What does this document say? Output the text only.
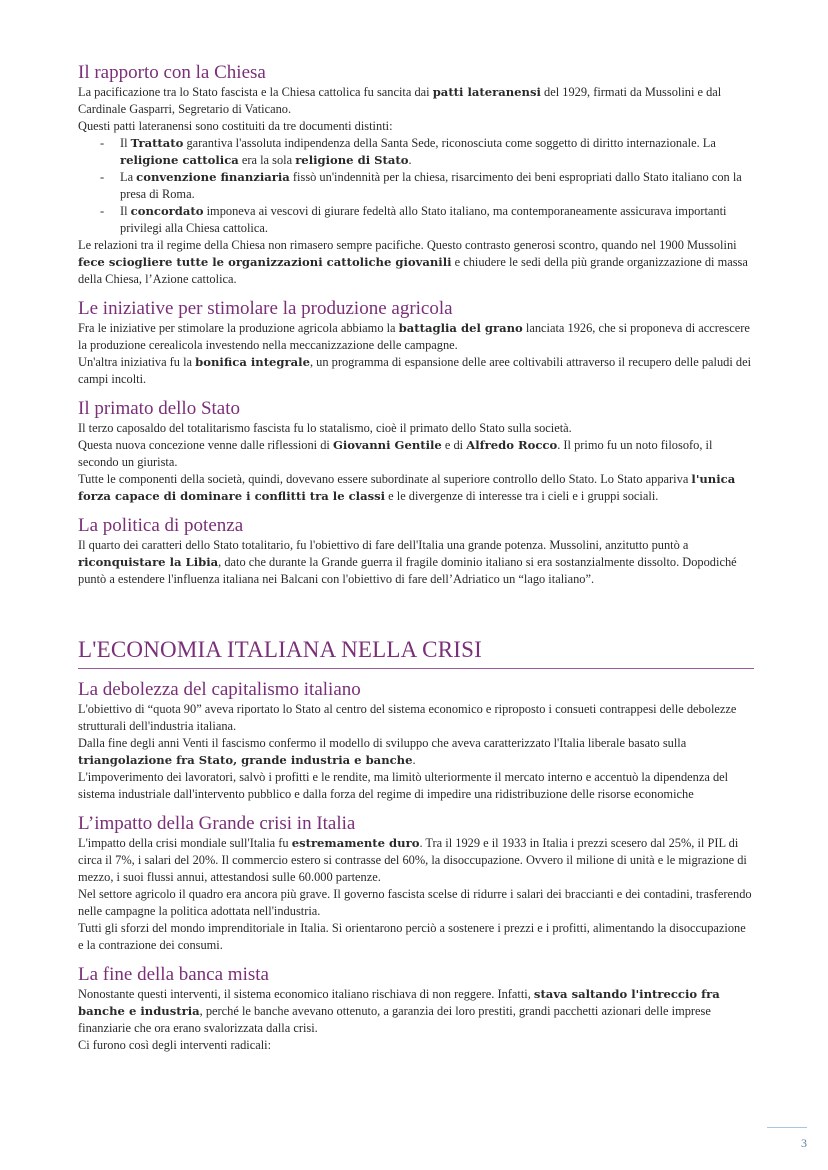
Il rapporto con la Chiesa

La pacificazione tra lo Stato fascista e la Chiesa cattolica fu sancita dai patti lateranensi del 1929, firmati da Mussolini e dal Cardinale Gasparri, Segretario di Vaticano.

Questi patti lateranensi sono costituiti da tre documenti distinti:

- Il Trattato garantiva l'assoluta indipendenza della Santa Sede, riconosciuta come soggetto di diritto internazionale. La religione cattolica era la sola religione di Stato.
- La convenzione finanziaria fissò un'indennità per la chiesa, risarcimento dei beni espropriati dallo Stato italiano con la presa di Roma.
- Il concordato imponeva ai vescovi di giurare fedeltà allo Stato italiano, ma contemporaneamente assicurava importanti privilegi alla Chiesa cattolica.

Le relazioni tra il regime della Chiesa non rimasero sempre pacifiche. Questo contrasto generosi scontro, quando nel 1900 Mussolini fece sciogliere tutte le organizzazioni cattoliche giovanili e chiudere le sedi della più grande organizzazione di massa della Chiesa, l’Azione cattolica.

Le iniziative per stimolare la produzione agricola

Fra le iniziative per stimolare la produzione agricola abbiamo la battaglia del grano lanciata 1926, che si proponeva di accrescere la produzione cerealicola investendo nella meccanizzazione delle campagne.

Un'altra iniziativa fu la bonifica integrale, un programma di espansione delle aree coltivabili attraverso il recupero delle paludi dei campi incolti.

Il primato dello Stato

Il terzo caposaldo del totalitarismo fascista fu lo statalismo, cioè il primato dello Stato sulla società.

Questa nuova concezione venne dalle riflessioni di Giovanni Gentile e di Alfredo Rocco. Il primo fu un noto filosofo, il secondo un giurista.

Tutte le componenti della società, quindi, dovevano essere subordinate al superiore controllo dello Stato. Lo Stato appariva l'unica forza capace di dominare i conflitti tra le classi e le divergenze di interesse tra i cieli e i gruppi sociali.

La politica di potenza

Il quarto dei caratteri dello Stato totalitario, fu l'obiettivo di fare dell'Italia una grande potenza. Mussolini, anzitutto puntò a riconquistare la Libia, dato che durante la Grande guerra il fragile dominio italiano si era sostanzialmente dissolto. Dopodiché puntò a estendere l'influenza italiana nei Balcani con l'obiettivo di fare dell’Adriatico un “lago italiano”.

L'ECONOMIA ITALIANA NELLA CRISI
La debolezza del capitalismo italiano

L'obiettivo di “quota 90” aveva riportato lo Stato al centro del sistema economico e riproposto i consueti contrappesi delle debolezze strutturali dell'industria italiana.

Dalla fine degli anni Venti il fascismo confermo il modello di sviluppo che aveva caratterizzato l'Italia liberale basato sulla triangolazione fra Stato, grande industria e banche.

L'impoverimento dei lavoratori, salvò i profitti e le rendite, ma limitò ulteriormente il mercato interno e accentuò la dipendenza del sistema industriale dall'intervento pubblico e dalla forza del regime di impedire una ridistribuzione delle risorse economiche

L’impatto della Grande crisi in Italia

L'impatto della crisi mondiale sull'Italia fu estremamente duro. Tra il 1929 e il 1933 in Italia i prezzi scesero dal 25%, il PIL di circa il 7%, i salari del 20%. Il commercio estero si contrasse del 60%, la disoccupazione. Ovvero il milione di unità e le migrazione di mezzo, i suoi flussi annui, attestandosi sulle 60.000 partenze.

Nel settore agricolo il quadro era ancora più grave. Il governo fascista scelse di ridurre i salari dei braccianti e dei contadini, trasferendo nelle campagne la politica adottata nell'industria.

Tutti gli sforzi del mondo imprenditoriale in Italia. Si orientarono perciò a sostenere i prezzi e i profitti, alimentando la disoccupazione e la contrazione dei consumi.

La fine della banca mista

Nonostante questi interventi, il sistema economico italiano rischiava di non reggere. Infatti, stava saltando l'intreccio fra banche e industria, perché le banche avevano ottenuto, a garanzia dei loro prestiti, grandi pacchetti azionari delle imprese finanziarie che ora erano svalorizzata dalla crisi.

Ci furono così degli interventi radicali:

3
